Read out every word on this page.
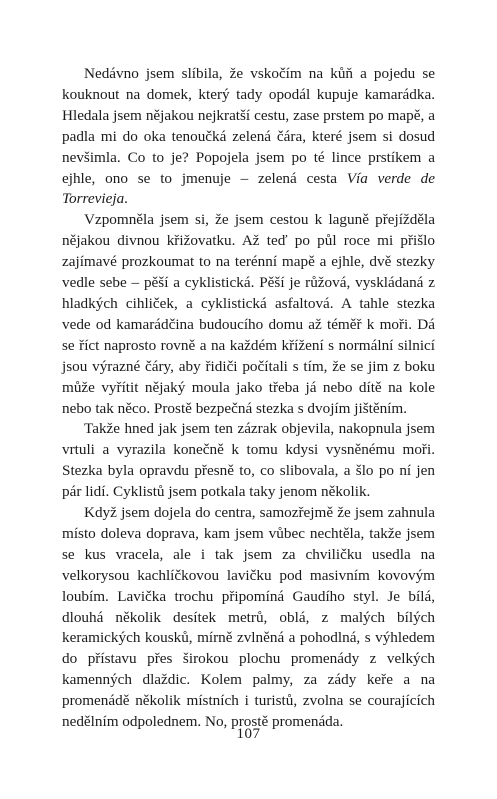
Nedávno jsem slíbila, že vskočím na kůň a pojedu se kouknout na domek, který tady opodál kupuje kamarádka. Hledala jsem nějakou nejkratší cestu, zase prstem po mapě, a padla mi do oka tenoučká zelená čára, které jsem si dosud nevšimla. Co to je? Popojela jsem po té lince prstíkem a ejhle, ono se to jmenuje – zelená cesta Vía verde de Torrevieja.

Vzpomněla jsem si, že jsem cestou k laguně přejížděla nějakou divnou křižovatku. Až teď po půl roce mi přišlo zajímavé prozkoumat to na terénní mapě a ejhle, dvě stezky vedle sebe – pěší a cyklistická. Pěší je růžová, vyskládaná z hladkých cihliček, a cyklistická asfaltová. A tahle stezka vede od kamarádčina budoucího domu až téměř k moři. Dá se říct naprosto rovně a na každém křížení s normální silnicí jsou výrazné čáry, aby řidiči počítali s tím, že se jim z boku může vyřítit nějaký moula jako třeba já nebo dítě na kole nebo tak něco. Prostě bezpečná stezka s dvojím jištěním.

Takže hned jak jsem ten zázrak objevila, nakopnula jsem vrtuli a vyrazila konečně k tomu kdysi vysněnému moři. Stezka byla opravdu přesně to, co slibovala, a šlo po ní jen pár lidí. Cyklistů jsem potkala taky jenom několik.

Když jsem dojela do centra, samozřejmě že jsem zahnula místo doleva doprava, kam jsem vůbec nechtěla, takže jsem se kus vracela, ale i tak jsem za chviličku usedla na velkorysou kachlíčkovou lavičku pod masivním kovovým loubím. Lavička trochu připomíná Gaudího styl. Je bílá, dlouhá několik desítek metrů, oblá, z malých bílých keramických kousků, mírně zvlněná a pohodlná, s výhledem do přístavu přes širokou plochu promenády z velkých kamenných dlaždic. Kolem palmy, za zády keře a na promenádě několik místních i turistů, zvolna se courajících nedělním odpolednem. No, prostě promenáda.

107
